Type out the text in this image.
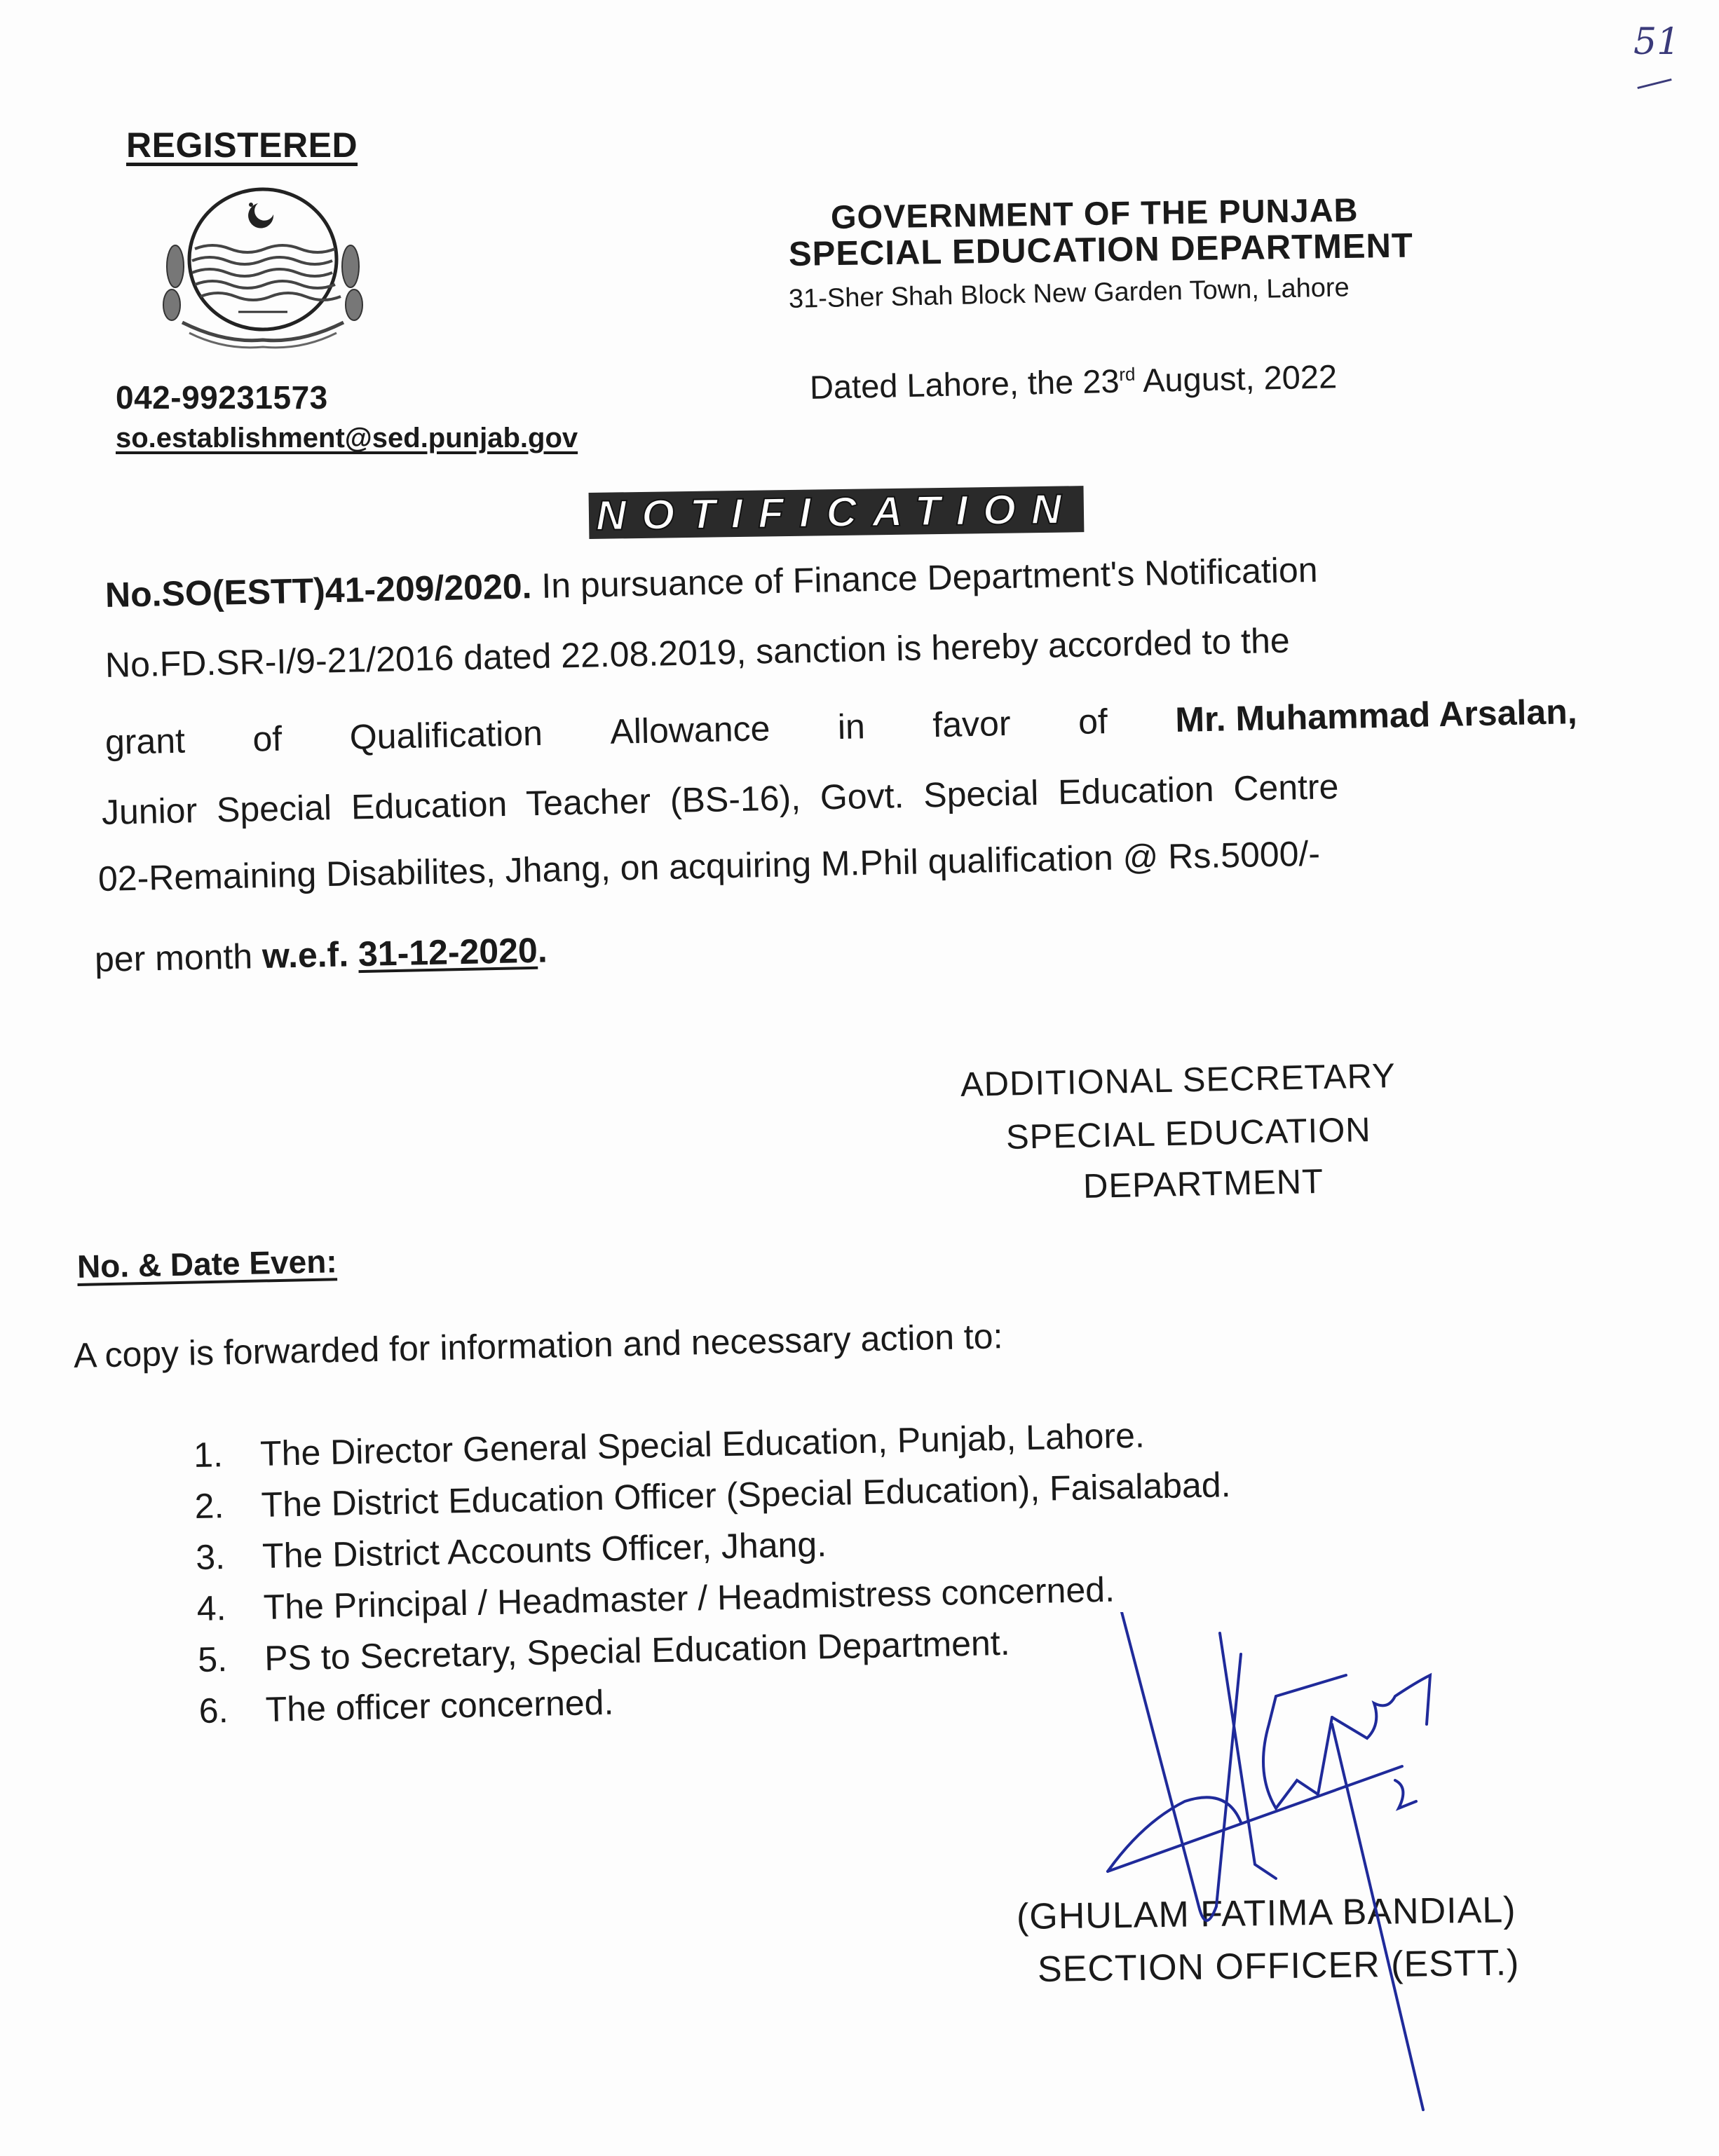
51
REGISTERED
042-99231573
so.establishment@sed.punjab.gov
GOVERNMENT OF THE PUNJAB
SPECIAL EDUCATION DEPARTMENT
31-Sher Shah Block New Garden Town, Lahore
Dated Lahore, the 23rd August, 2022
NOTIFICATION
No.SO(ESTT)41-209/2020. In pursuance of Finance Department's Notification
No.FD.SR-I/9-21/2016 dated 22.08.2019, sanction is hereby accorded to the
grant of Qualification Allowance in favor of Mr. Muhammad Arsalan,
Junior Special Education Teacher (BS-16), Govt. Special Education Centre
02-Remaining Disabilites, Jhang, on acquiring M.Phil qualification @ Rs.5000/-
per month w.e.f. 31-12-2020.
ADDITIONAL SECRETARY
SPECIAL EDUCATION
DEPARTMENT
No. & Date Even:
A copy is forwarded for information and necessary action to:
1.	The Director General Special Education, Punjab, Lahore.
2.	The District Education Officer (Special Education), Faisalabad.
3.	The District Accounts Officer, Jhang.
4.	The Principal / Headmaster / Headmistress concerned.
5.	PS to Secretary, Special Education Department.
6.	The officer concerned.
(GHULAM FATIMA BANDIAL)
SECTION OFFICER (ESTT.)
